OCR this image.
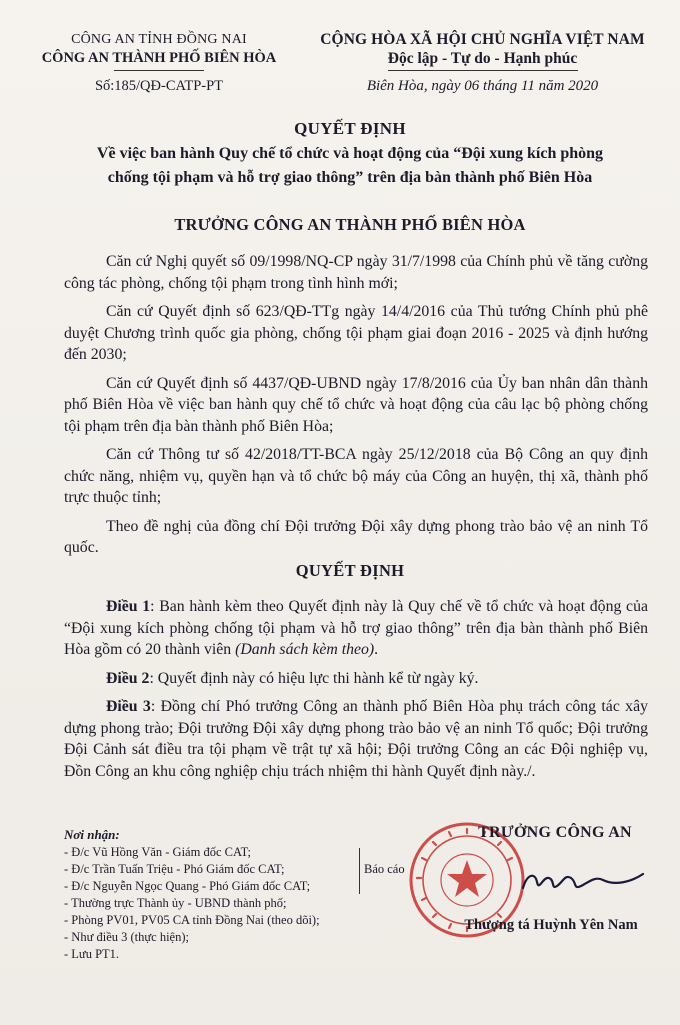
CÔNG AN TỈNH ĐỒNG NAI
CÔNG AN THÀNH PHỐ BIÊN HÒA
Số:185/QĐ-CATP-PT
CỘNG HÒA XÃ HỘI CHỦ NGHĨA VIỆT NAM
Độc lập - Tự do - Hạnh phúc
Biên Hòa, ngày 06 tháng 11 năm 2020
QUYẾT ĐỊNH
Về việc ban hành Quy chế tổ chức và hoạt động của “Đội xung kích phòng
chống tội phạm và hỗ trợ giao thông” trên địa bàn thành phố Biên Hòa
TRƯỞNG CÔNG AN THÀNH PHỐ BIÊN HÒA

Căn cứ Nghị quyết số 09/1998/NQ-CP ngày 31/7/1998 của Chính phủ về tăng cường công tác phòng, chống tội phạm trong tình hình mới;

Căn cứ Quyết định số 623/QĐ-TTg ngày 14/4/2016 của Thủ tướng Chính phủ phê duyệt Chương trình quốc gia phòng, chống tội phạm giai đoạn 2016 - 2025 và định hướng đến 2030;

Căn cứ Quyết định số 4437/QĐ-UBND ngày 17/8/2016 của Ủy ban nhân dân thành phố Biên Hòa về việc ban hành quy chế tổ chức và hoạt động của câu lạc bộ phòng chống tội phạm trên địa bàn thành phố Biên Hòa;

Căn cứ Thông tư số 42/2018/TT-BCA ngày 25/12/2018 của Bộ Công an quy định chức năng, nhiệm vụ, quyền hạn và tổ chức bộ máy của Công an huyện, thị xã, thành phố trực thuộc tỉnh;

Theo đề nghị của đồng chí Đội trưởng Đội xây dựng phong trào bảo vệ an ninh Tổ quốc.

QUYẾT ĐỊNH

Điều 1: Ban hành kèm theo Quyết định này là Quy chế về tổ chức và hoạt động của “Đội xung kích phòng chống tội phạm và hỗ trợ giao thông” trên địa bàn thành phố Biên Hòa gồm có 20 thành viên (Danh sách kèm theo).

Điều 2: Quyết định này có hiệu lực thi hành kể từ ngày ký.

Điều 3: Đồng chí Phó trưởng Công an thành phố Biên Hòa phụ trách công tác xây dựng phong trào; Đội trưởng Đội xây dựng phong trào bảo vệ an ninh Tổ quốc; Đội trưởng Đội Cảnh sát điều tra tội phạm về trật tự xã hội; Đội trưởng Công an các Đội nghiệp vụ, Đồn Công an khu công nghiệp chịu trách nhiệm thi hành Quyết định này./.

Nơi nhận:
- Đ/c Vũ Hồng Văn - Giám đốc CAT;
- Đ/c Trần Tuấn Triệu - Phó Giám đốc CAT;
- Đ/c Nguyễn Ngọc Quang - Phó Giám đốc CAT;
- Thường trực Thành ủy - UBND thành phố;
- Phòng PV01, PV05 CA tỉnh Đồng Nai (theo dõi);
- Như điều 3 (thực hiện);
- Lưu PT1.
Báo cáo
TRƯỞNG CÔNG AN
Thượng tá Huỳnh Yên Nam
